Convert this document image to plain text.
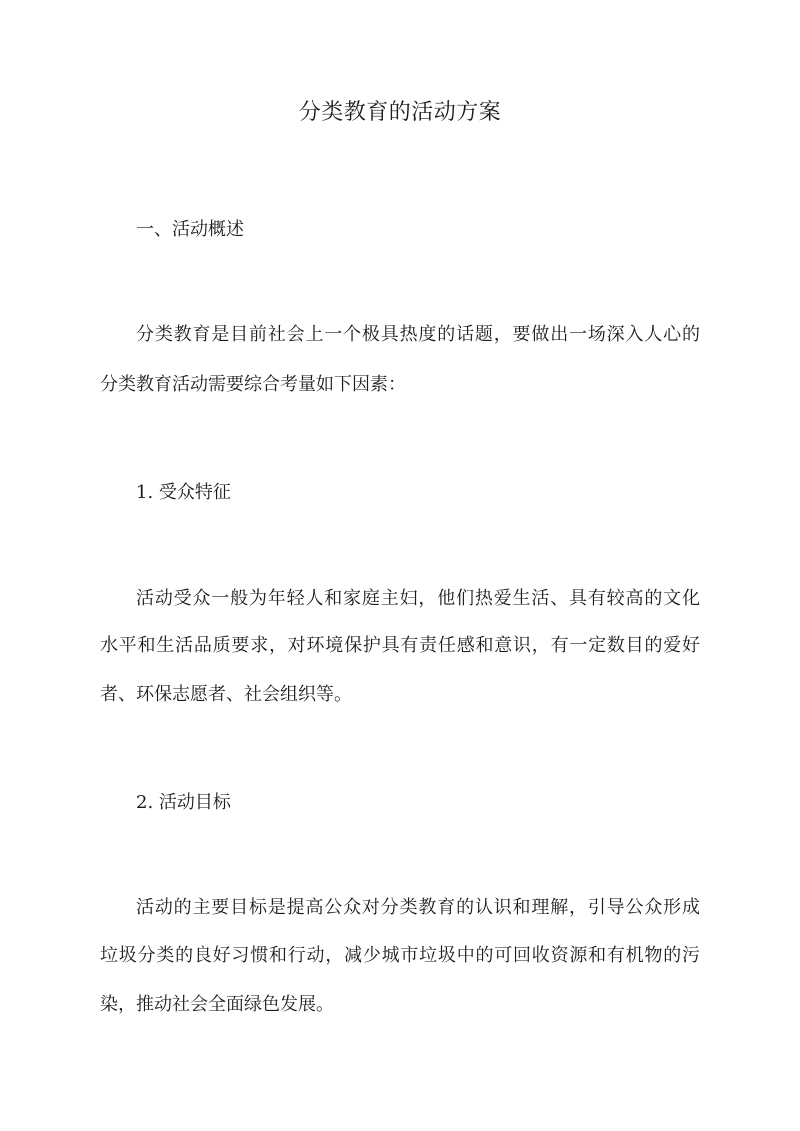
分类教育的活动方案
一、活动概述
分类教育是目前社会上一个极具热度的话题，要做出一场深入人心的
分类教育活动需要综合考量如下因素：
1. 受众特征
活动受众一般为年轻人和家庭主妇，他们热爱生活、具有较高的文化
水平和生活品质要求，对环境保护具有责任感和意识，有一定数目的爱好
者、环保志愿者、社会组织等。
2. 活动目标
活动的主要目标是提高公众对分类教育的认识和理解，引导公众形成
垃圾分类的良好习惯和行动，减少城市垃圾中的可回收资源和有机物的污
染，推动社会全面绿色发展。
